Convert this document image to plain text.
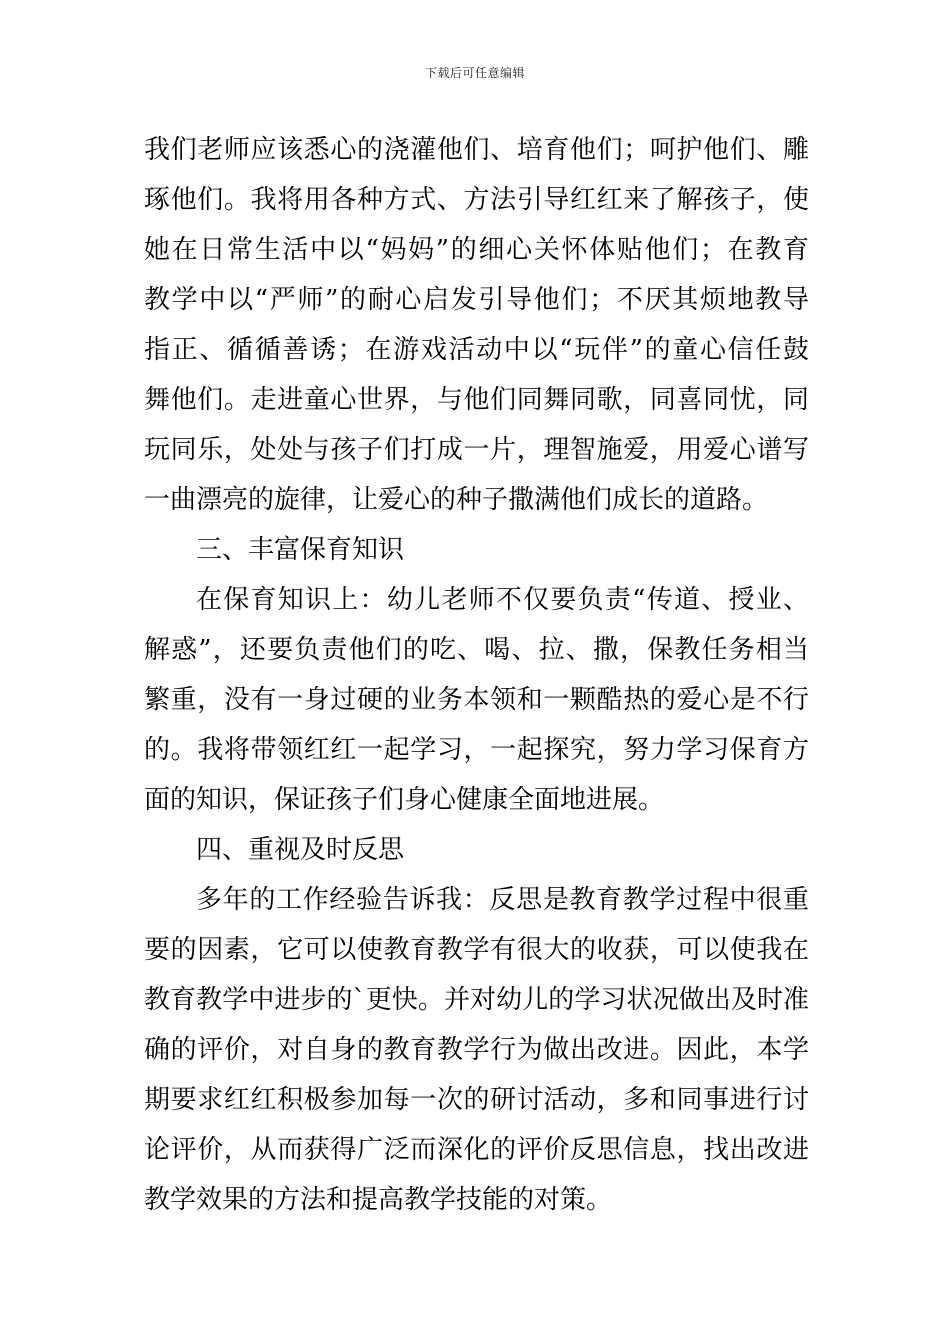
下载后可任意编辑
我们老师应该悉心的浇灌他们、培育他们；呵护他们、雕
琢他们。我将用各种方式、方法引导红红来了解孩子，使
她在日常生活中以“妈妈”的细心关怀体贴他们；在教育
教学中以“严师”的耐心启发引导他们；不厌其烦地教导
指正、循循善诱；在游戏活动中以“玩伴”的童心信任鼓
舞他们。走进童心世界，与他们同舞同歌，同喜同忧，同
玩同乐，处处与孩子们打成一片，理智施爱，用爱心谱写
一曲漂亮的旋律，让爱心的种子撒满他们成长的道路。
三、丰富保育知识
在保育知识上：幼儿老师不仅要负责“传道、授业、
解惑”，还要负责他们的吃、喝、拉、撒，保教任务相当
繁重，没有一身过硬的业务本领和一颗酷热的爱心是不行
的。我将带领红红一起学习，一起探究，努力学习保育方
面的知识，保证孩子们身心健康全面地进展。
四、重视及时反思
多年的工作经验告诉我：反思是教育教学过程中很重
要的因素，它可以使教育教学有很大的收获，可以使我在
教育教学中进步的`更快。并对幼儿的学习状况做出及时准
确的评价，对自身的教育教学行为做出改进。因此，本学
期要求红红积极参加每一次的研讨活动，多和同事进行讨
论评价，从而获得广泛而深化的评价反思信息，找出改进
教学效果的方法和提高教学技能的对策。
